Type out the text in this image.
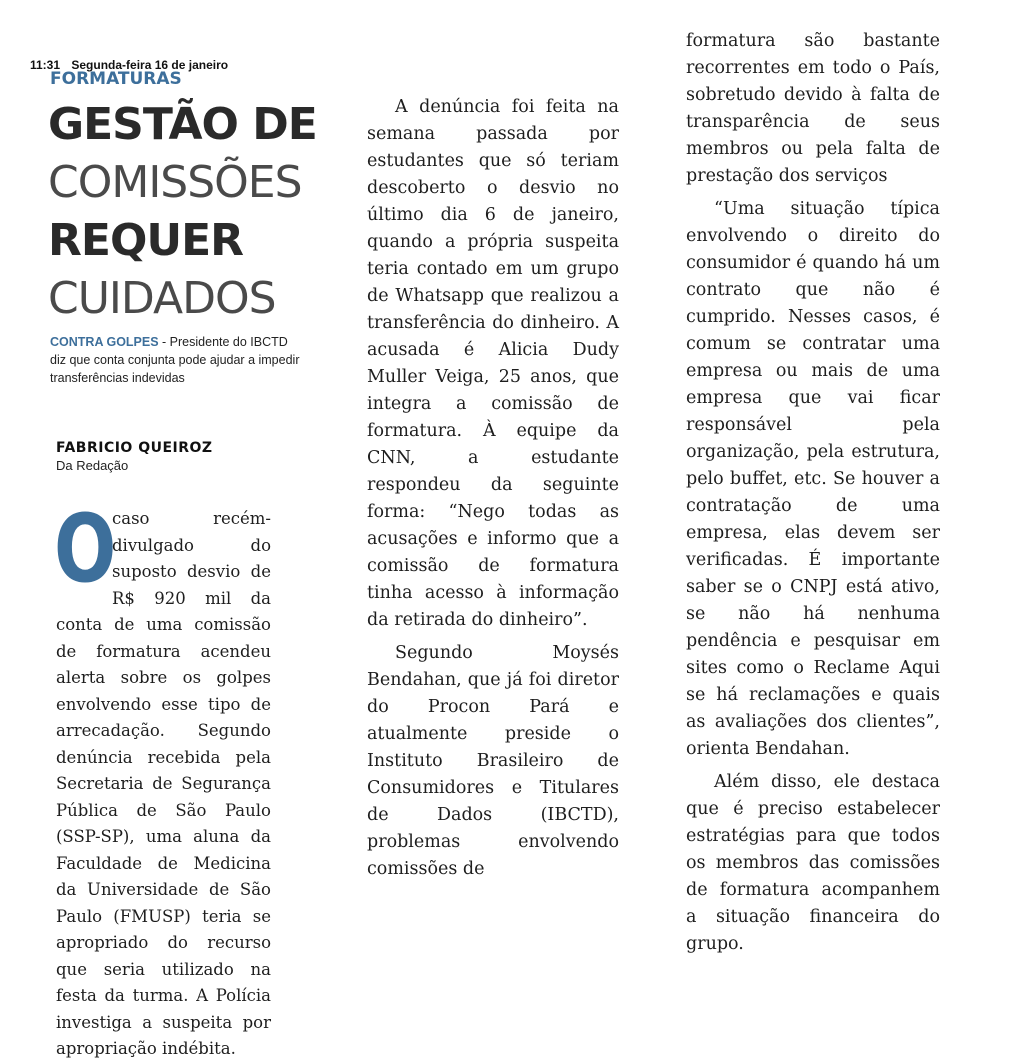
11:31 Segunda-feira 16 de janeiro
FORMATURAS
GESTÃO DE
COMISSÕES
REQUER
CUIDADOS
CONTRA GOLPES - Presidente do IBCTD diz que conta conjunta pode ajudar a impedir transferências indevidas
FABRICIO QUEIROZ
Da Redação
O

caso recém-divulgado do suposto desvio de R$ 920 mil da conta de uma comissão de formatura acendeu alerta sobre os golpes envolvendo esse tipo de arrecadação. Segundo denúncia recebida pela Secretaria de Segurança Pública de São Paulo (SSP-SP), uma aluna da Faculdade de Medicina da Universidade de São Paulo (FMUSP) teria se apropriado do recurso que seria utilizado na festa da turma. A Polícia investiga a suspeita por apropriação indébita.

A denúncia foi feita na semana passada por estudantes que só teriam descoberto o desvio no último dia 6 de janeiro, quando a própria suspeita teria contado em um grupo de Whatsapp que realizou a transferência do dinheiro. A acusada é Alicia Dudy Muller Veiga, 25 anos, que integra a comissão de formatura. À equipe da CNN, a estudante respondeu da seguinte forma: “Nego todas as acusações e informo que a comissão de formatura tinha acesso à informação da retirada do dinheiro”.

Segundo Moysés Bendahan, que já foi diretor do Procon Pará e atualmente preside o Instituto Brasileiro de Consumidores e Titulares de Dados (IBCTD), problemas envolvendo comissões de

formatura são bastante recorrentes em todo o País, sobretudo devido à falta de transparência de seus membros ou pela falta de prestação dos serviços

“Uma situação típica envolvendo o direito do consumidor é quando há um contrato que não é cumprido. Nesses casos, é comum se contratar uma empresa ou mais de uma empresa que vai ficar responsável pela organização, pela estrutura, pelo buffet, etc. Se houver a contratação de uma empresa, elas devem ser verificadas. É importante saber se o CNPJ está ativo, se não há nenhuma pendência e pesquisar em sites como o Reclame Aqui se há reclamações e quais as avaliações dos clientes”, orienta Bendahan.

Além disso, ele destaca que é preciso estabelecer estratégias para que todos os membros das comissões de formatura acompanhem a situação financeira do grupo.
